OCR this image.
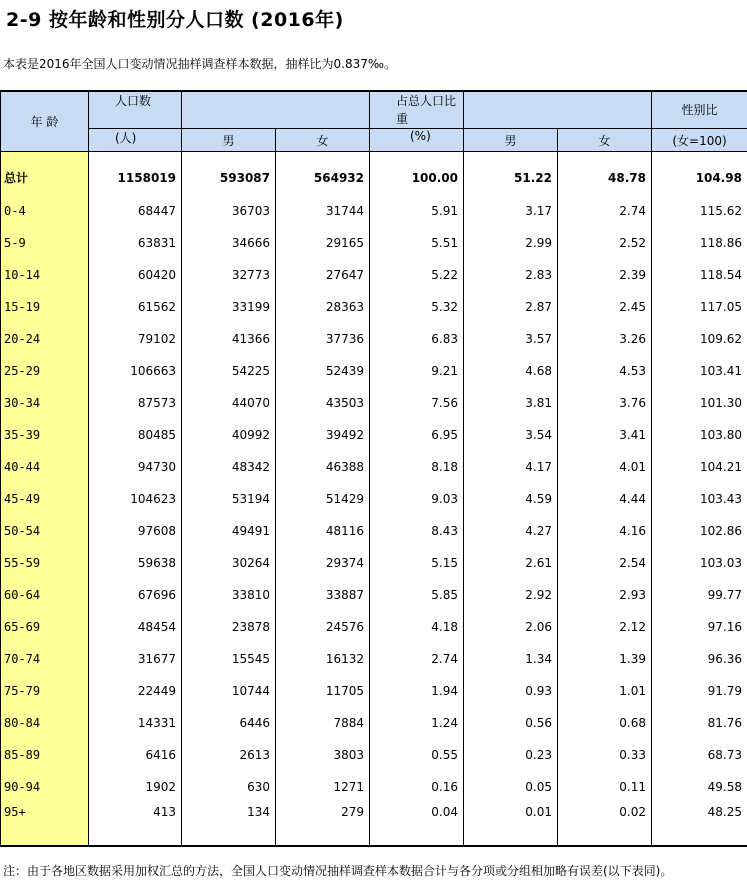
2-9 按年龄和性别分人口数 (2016年)
本表是2016年全国人口变动情况抽样调查样本数据，抽样比为0.837‰。
年 龄	人口数			占总人口比重			性别比

	(人)	男	女	(%)	男	女	(女=100)
总计	1158019	593087	564932	100.00	51.22	48.78	104.98
0-4	68447	36703	31744	5.91	3.17	2.74	115.62
5-9	63831	34666	29165	5.51	2.99	2.52	118.86
10-14	60420	32773	27647	5.22	2.83	2.39	118.54
15-19	61562	33199	28363	5.32	2.87	2.45	117.05
20-24	79102	41366	37736	6.83	3.57	3.26	109.62
25-29	106663	54225	52439	9.21	4.68	4.53	103.41
30-34	87573	44070	43503	7.56	3.81	3.76	101.30
35-39	80485	40992	39492	6.95	3.54	3.41	103.80
40-44	94730	48342	46388	8.18	4.17	4.01	104.21
45-49	104623	53194	51429	9.03	4.59	4.44	103.43
50-54	97608	49491	48116	8.43	4.27	4.16	102.86
55-59	59638	30264	29374	5.15	2.61	2.54	103.03
60-64	67696	33810	33887	5.85	2.92	2.93	99.77
65-69	48454	23878	24576	4.18	2.06	2.12	97.16
70-74	31677	15545	16132	2.74	1.34	1.39	96.36
75-79	22449	10744	11705	1.94	0.93	1.01	91.79
80-84	14331	6446	7884	1.24	0.56	0.68	81.76
85-89	6416	2613	3803	0.55	0.23	0.33	68.73
90-94	1902	630	1271	0.16	0.05	0.11	49.58
95+	413	134	279	0.04	0.01	0.02	48.25
注：由于各地区数据采用加权汇总的方法，全国人口变动情况抽样调查样本数据合计与各分项或分组相加略有误差(以下表同)。
